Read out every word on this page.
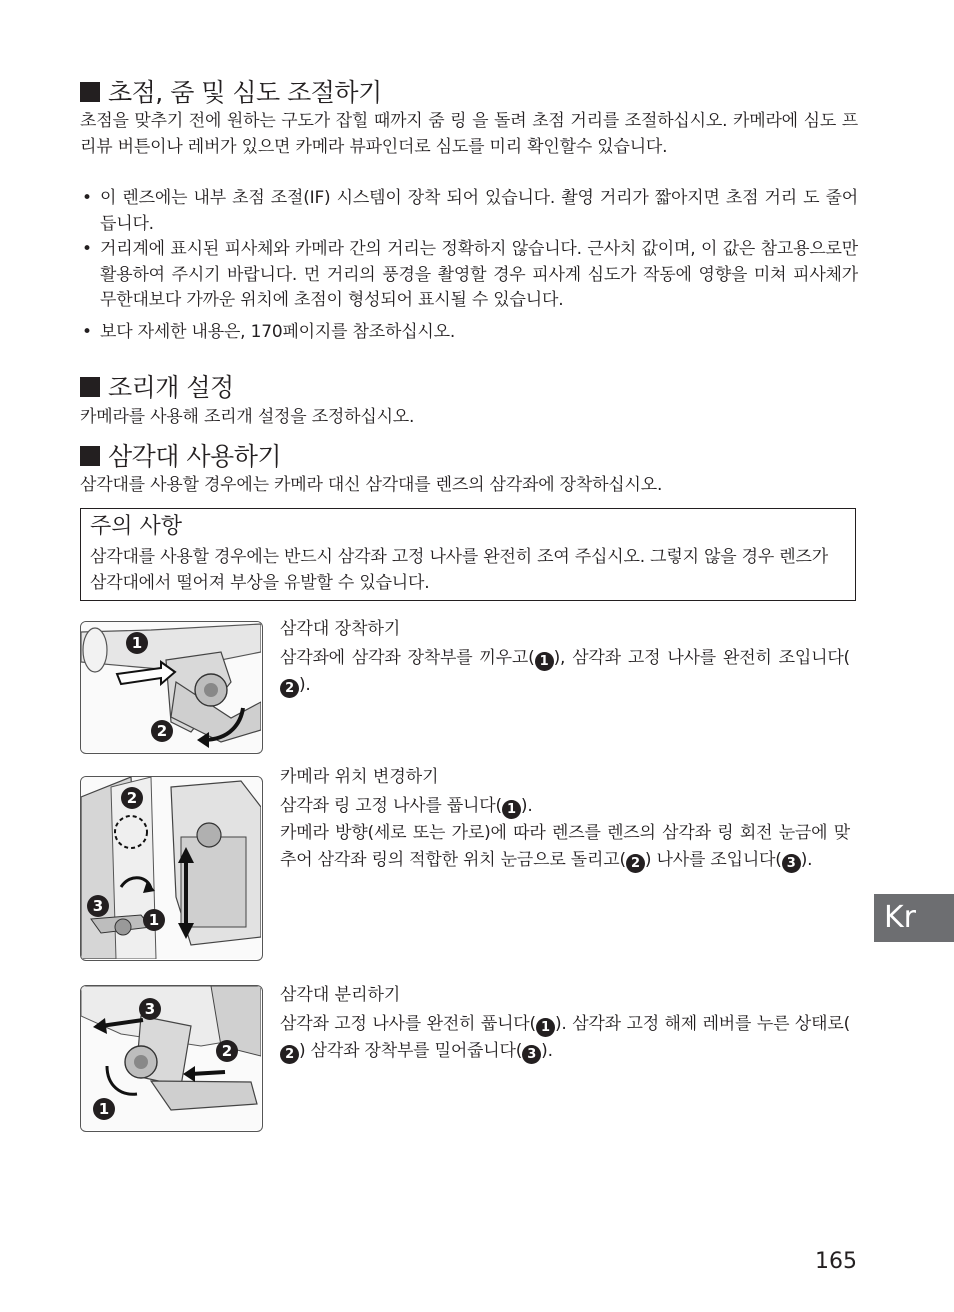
초점, 줌 및 심도 조절하기

초점을 맞추기 전에 원하는 구도가 잡힐 때까지 줌 링 을 돌려 초점 거리를 조절하십시오. 카메라에 심도 프리뷰 버튼이나 레버가 있으면 카메라 뷰파인더로 심도를 미리 확인할수 있습니다.

• 이 렌즈에는 내부 초점 조절(IF) 시스템이 장착 되어 있습니다. 촬영 거리가 짧아지면 초점 거리 도 줄어듭니다.
• 거리계에 표시된 피사체와 카메라 간의 거리는 정확하지 않습니다. 근사치 값이며, 이 값은 참고용으로만 활용하여 주시기 바랍니다. 먼 거리의 풍경을 촬영할 경우 피사계 심도가 작동에 영향을 미쳐 피사체가 무한대보다 가까운 위치에 초점이 형성되어 표시될 수 있습니다.
• 보다 자세한 내용은, 170페이지를 참조하십시오.
조리개 설정

카메라를 사용해 조리개 설정을 조정하십시오.

삼각대 사용하기

삼각대를 사용할 경우에는 카메라 대신 삼각대를 렌즈의 삼각좌에 장착하십시오.

주의 사항
삼각대를 사용할 경우에는 반드시 삼각좌 고정 나사를 완전히 조여 주십시오. 그렇지 않을 경우 렌즈가 삼각대에서 떨어져 부상을 유발할 수 있습니다.
1
2
삼각대 장착하기

삼각좌에 삼각좌 장착부를 끼우고( 1 ), 삼각좌 고정 나사를 완전히 조입니다(2 ).

2
3
1
카메라 위치 변경하기

삼각좌 링 고정 나사를 풉니다( 1 ).
카메라 방향(세로 또는 가로)에 따라 렌즈를 렌즈의 삼각좌 링 회전 눈금에 맞추어 삼각좌 링의 적합한 위치 눈금으로 돌리고( 2 ) 나사를 조입니다( 3 ).

3
2
1
삼각대 분리하기

삼각좌 고정 나사를 완전히 풉니다( 1 ). 삼각좌 고정 해제 레버를 누른 상태로(2 ) 삼각좌 장착부를 밀어줍니다( 3 ).

Kr
165
